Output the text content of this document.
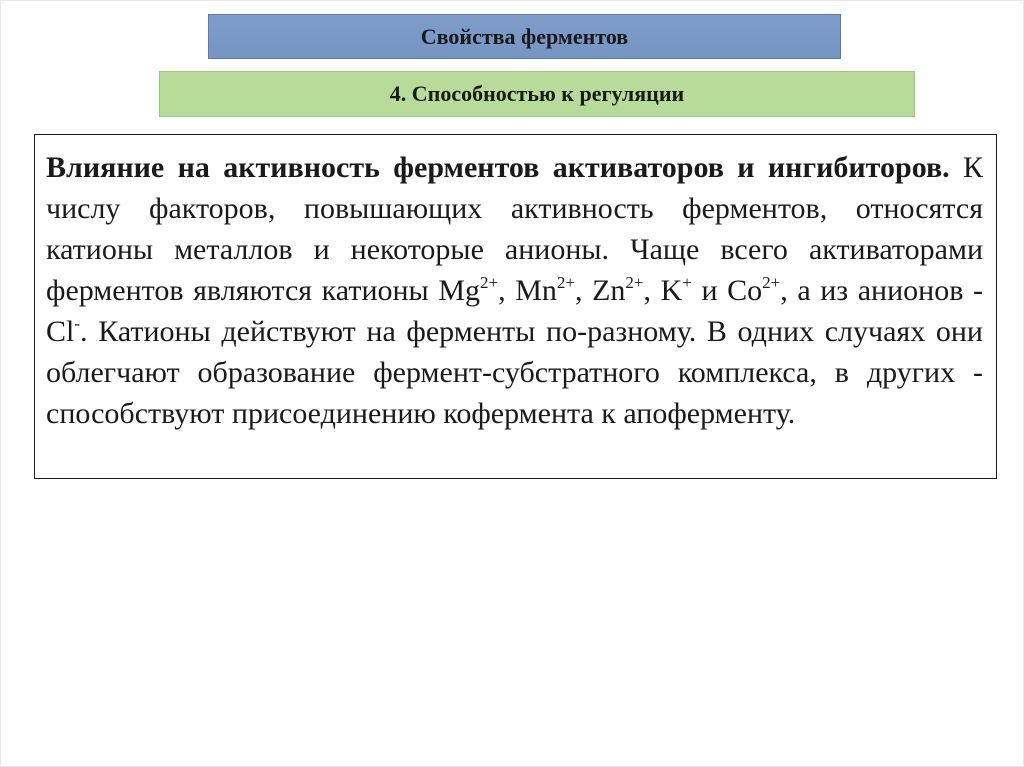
Свойства ферментов
4. Способностью к регуляции
Влияние на активность ферментов активаторов и ингибиторов. К числу факторов, повышающих активность ферментов, относятся катионы металлов и некоторые анионы. Чаще всего активаторами ферментов являются катионы $Mg^{2+}$, $Mn^{2+}$, $Zn^{2+}$, K+ и $Co^{2+}$, а из анионов - Cl-. Катионы действуют на ферменты по-разному. В одних случаях они облегчают образование фермент-субстратного комплекса, в других - способствуют присоединению кофермента к апоферменту.
